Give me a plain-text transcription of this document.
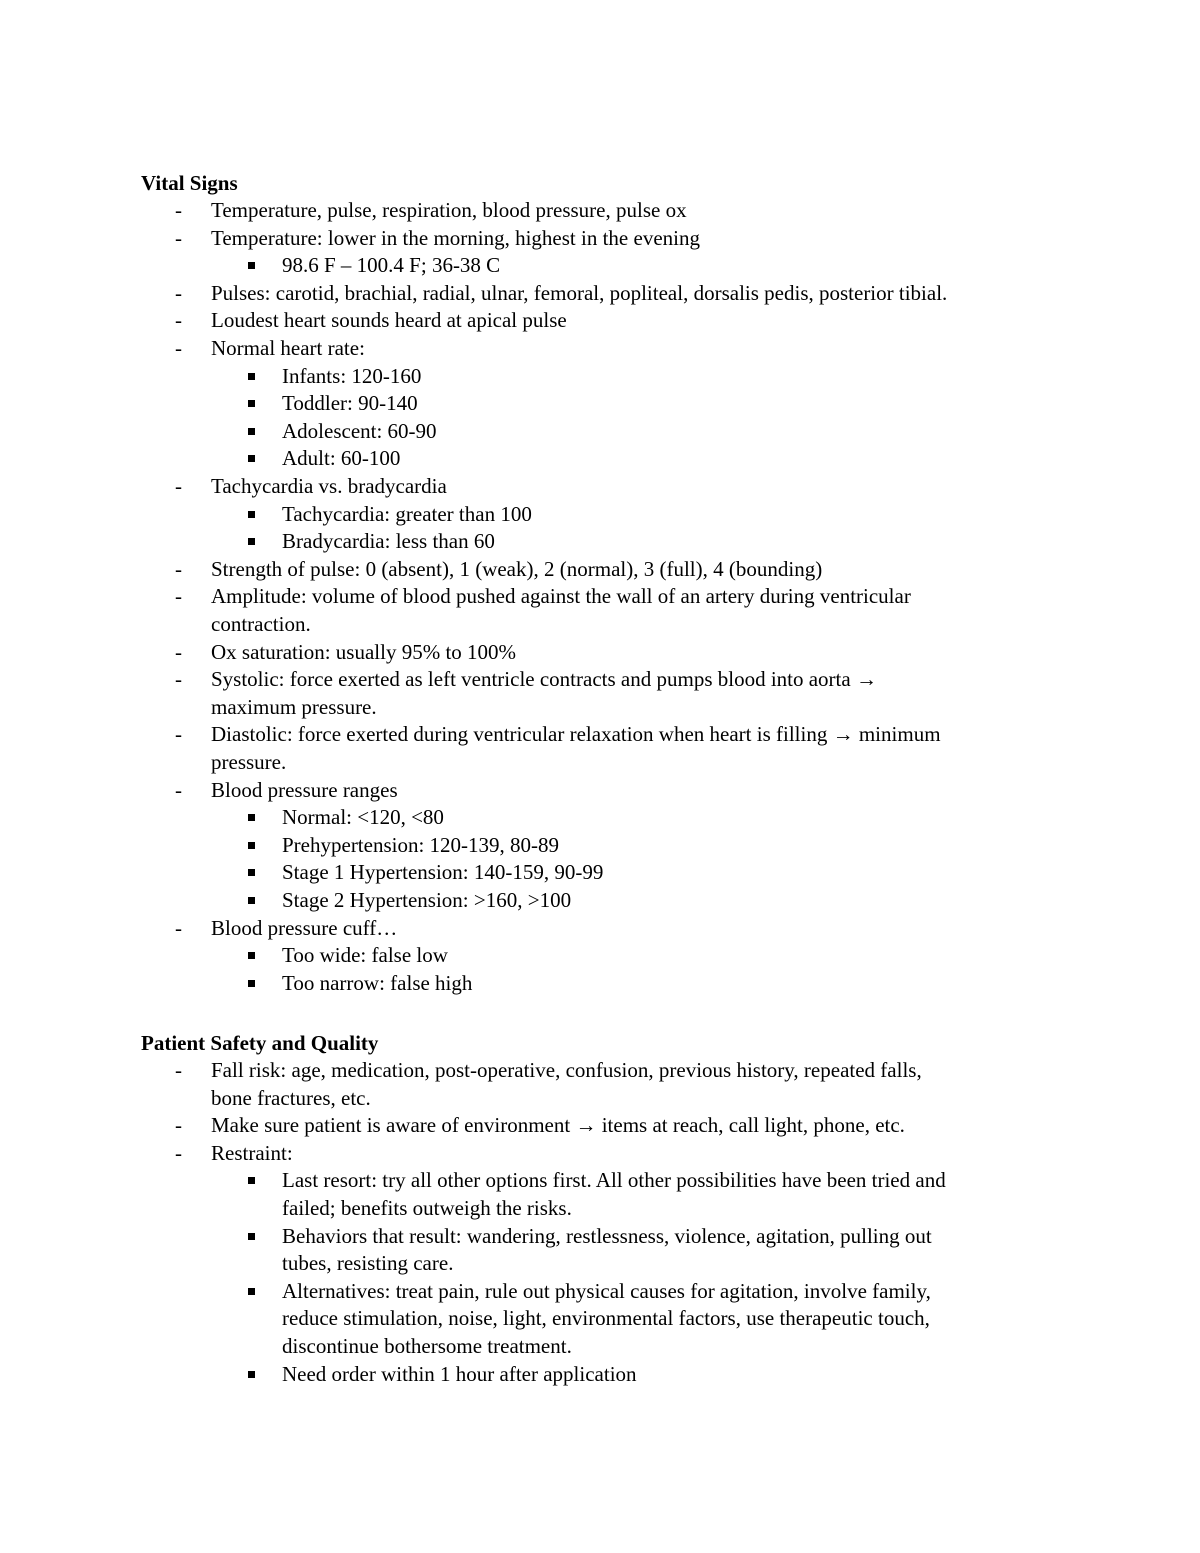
Vital Signs
- Temperature, pulse, respiration, blood pressure, pulse ox
- Temperature: lower in the morning, highest in the evening
98.6 F – 100.4 F; 36-38 C
- Pulses: carotid, brachial, radial, ulnar, femoral, popliteal, dorsalis pedis, posterior tibial.
- Loudest heart sounds heard at apical pulse
- Normal heart rate:
Infants: 120-160
Toddler: 90-140
Adolescent: 60-90
Adult: 60-100
- Tachycardia vs. bradycardia
Tachycardia: greater than 100
Bradycardia: less than 60
- Strength of pulse: 0 (absent), 1 (weak), 2 (normal), 3 (full), 4 (bounding)
- Amplitude: volume of blood pushed against the wall of an artery during ventricular
contraction.
- Ox saturation: usually 95% to 100%
- Systolic: force exerted as left ventricle contracts and pumps blood into aorta →
maximum pressure.
- Diastolic: force exerted during ventricular relaxation when heart is filling → minimum
pressure.
- Blood pressure ranges
Normal: <120, <80
Prehypertension: 120-139, 80-89
Stage 1 Hypertension: 140-159, 90-99
Stage 2 Hypertension: >160, >100
- Blood pressure cuff…
Too wide: false low
Too narrow: false high
Patient Safety and Quality
- Fall risk: age, medication, post-operative, confusion, previous history, repeated falls,
bone fractures, etc.
- Make sure patient is aware of environment → items at reach, call light, phone, etc.
- Restraint:
Last resort: try all other options first. All other possibilities have been tried and
failed; benefits outweigh the risks.
Behaviors that result: wandering, restlessness, violence, agitation, pulling out
tubes, resisting care.
Alternatives: treat pain, rule out physical causes for agitation, involve family,
reduce stimulation, noise, light, environmental factors, use therapeutic touch,
discontinue bothersome treatment.
Need order within 1 hour after application
